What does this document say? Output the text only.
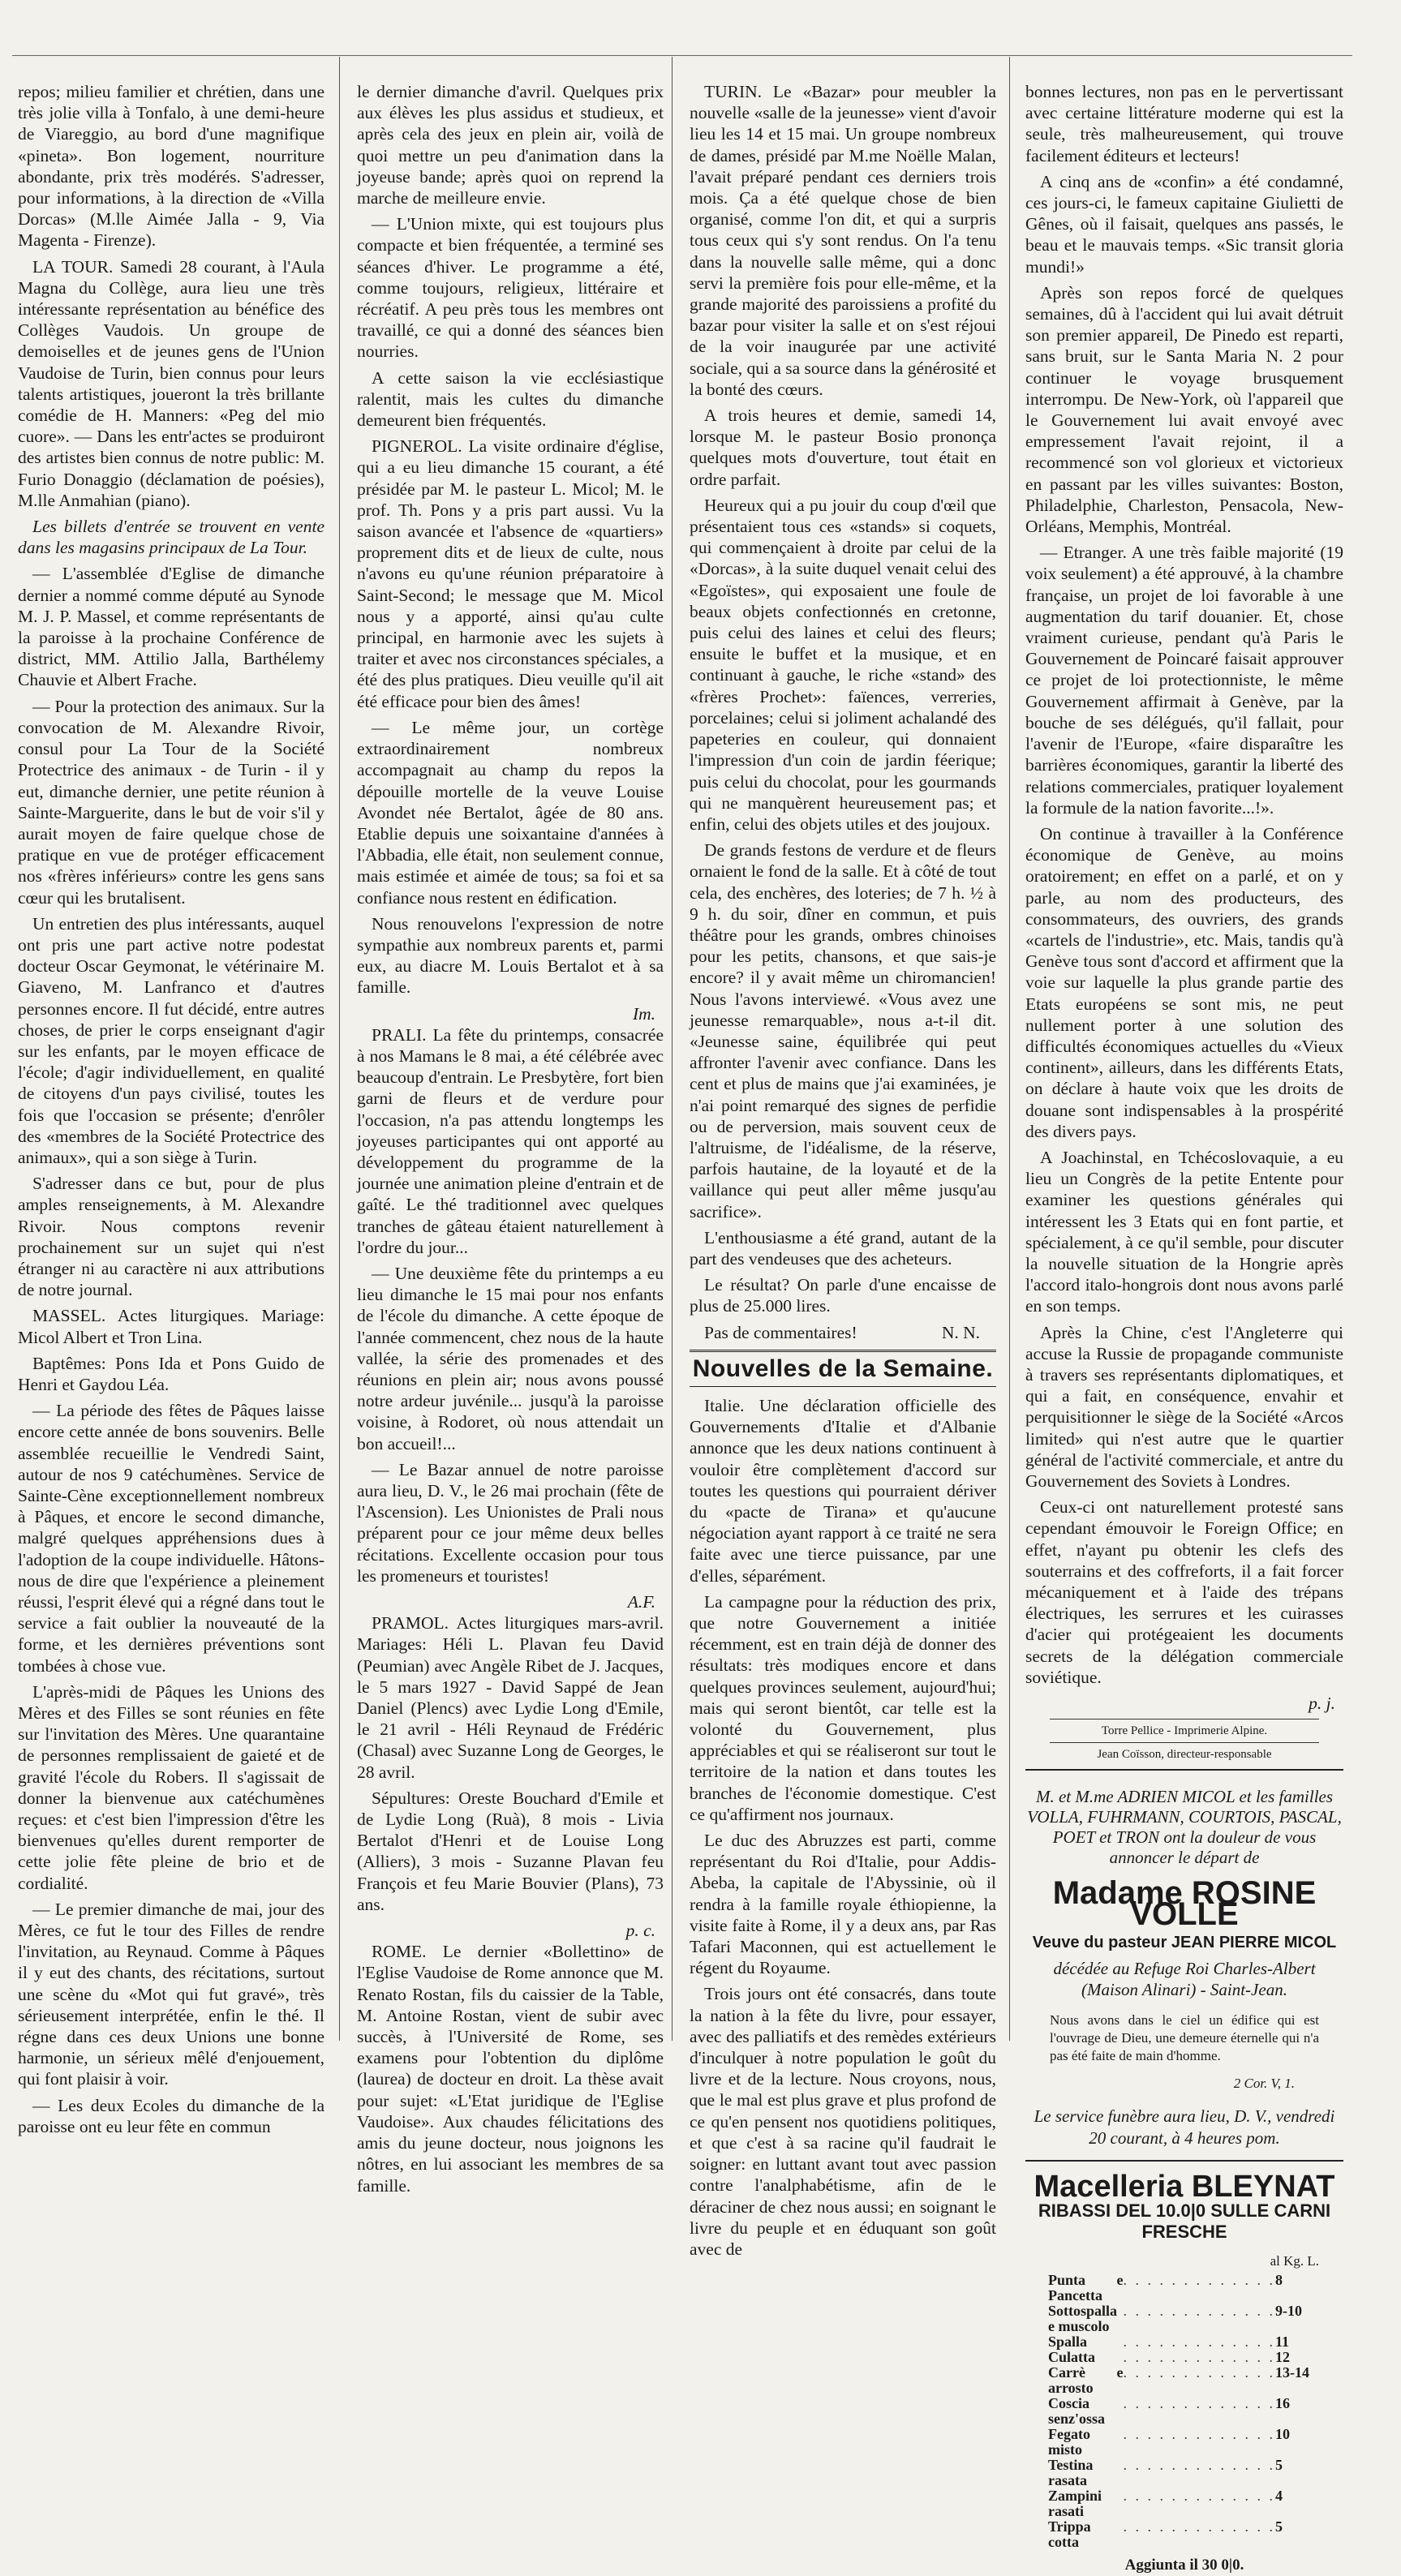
repos; milieu familier et chrétien, dans une très jolie villa à Tonfalo, à une demi-heure de Viareggio, au bord d'une magnifique «pineta». Bon logement, nourriture abondante, prix très modérés. S'adresser, pour informations, à la direction de «Villa Dorcas» (M.lle Aimée Jalla - 9, Via Magenta - Firenze).

LA TOUR. Samedi 28 courant, à l'Aula Magna du Collège, aura lieu une très intéressante représentation au bénéfice des Collèges Vaudois. Un groupe de demoiselles et de jeunes gens de l'Union Vaudoise de Turin, bien connus pour leurs talents artistiques, joueront la très brillante comédie de H. Manners: «Peg del mio cuore». — Dans les entr'actes se produiront des artistes bien connus de notre public: M. Furio Donaggio (déclamation de poésies), M.lle Anmahian (piano).

Les billets d'entrée se trouvent en vente dans les magasins principaux de La Tour.

— L'assemblée d'Eglise de dimanche dernier a nommé comme député au Synode M. J. P. Massel, et comme représentants de la paroisse à la prochaine Conférence de district, MM. Attilio Jalla, Barthélemy Chauvie et Albert Frache.

— Pour la protection des animaux. Sur la convocation de M. Alexandre Rivoir, consul pour La Tour de la Société Protectrice des animaux - de Turin - il y eut, dimanche dernier, une petite réunion à Sainte-Marguerite, dans le but de voir s'il y aurait moyen de faire quelque chose de pratique en vue de protéger efficacement nos «frères inférieurs» contre les gens sans cœur qui les brutalisent.

Un entretien des plus intéressants, auquel ont pris une part active notre podestat docteur Oscar Geymonat, le vétérinaire M. Giaveno, M. Lanfranco et d'autres personnes encore. Il fut décidé, entre autres choses, de prier le corps enseignant d'agir sur les enfants, par le moyen efficace de l'école; d'agir individuellement, en qualité de citoyens d'un pays civilisé, toutes les fois que l'occasion se présente; d'enrôler des «membres de la Société Protectrice des animaux», qui a son siège à Turin.

S'adresser dans ce but, pour de plus amples renseignements, à M. Alexandre Rivoir. Nous comptons revenir prochainement sur un sujet qui n'est étranger ni au caractère ni aux attributions de notre journal.

MASSEL. Actes liturgiques. Mariage: Micol Albert et Tron Lina.

Baptêmes: Pons Ida et Pons Guido de Henri et Gaydou Léa.

— La période des fêtes de Pâques laisse encore cette année de bons souvenirs. Belle assemblée recueillie le Vendredi Saint, autour de nos 9 catéchumènes. Service de Sainte-Cène exceptionnellement nombreux à Pâques, et encore le second dimanche, malgré quelques appréhensions dues à l'adoption de la coupe individuelle. Hâtons-nous de dire que l'expérience a pleinement réussi, l'esprit élevé qui a régné dans tout le service a fait oublier la nouveauté de la forme, et les dernières préventions sont tombées à chose vue.

L'après-midi de Pâques les Unions des Mères et des Filles se sont réunies en fête sur l'invitation des Mères. Une quarantaine de personnes remplissaient de gaieté et de gravité l'école du Robers. Il s'agissait de donner la bienvenue aux catéchumènes reçues: et c'est bien l'impression d'être les bienvenues qu'elles durent remporter de cette jolie fête pleine de brio et de cordialité.

— Le premier dimanche de mai, jour des Mères, ce fut le tour des Filles de rendre l'invitation, au Reynaud. Comme à Pâques il y eut des chants, des récitations, surtout une scène du «Mot qui fut gravé», très sérieusement interprétée, enfin le thé. Il régne dans ces deux Unions une bonne harmonie, un sérieux mêlé d'enjouement, qui font plaisir à voir.

— Les deux Ecoles du dimanche de la paroisse ont eu leur fête en commun

le dernier dimanche d'avril. Quelques prix aux élèves les plus assidus et studieux, et après cela des jeux en plein air, voilà de quoi mettre un peu d'animation dans la joyeuse bande; après quoi on reprend la marche de meilleure envie.

— L'Union mixte, qui est toujours plus compacte et bien fréquentée, a terminé ses séances d'hiver. Le programme a été, comme toujours, religieux, littéraire et récréatif. A peu près tous les membres ont travaillé, ce qui a donné des séances bien nourries.

A cette saison la vie ecclésiastique ralentit, mais les cultes du dimanche demeurent bien fréquentés.

PIGNEROL. La visite ordinaire d'église, qui a eu lieu dimanche 15 courant, a été présidée par M. le pasteur L. Micol; M. le prof. Th. Pons y a pris part aussi. Vu la saison avancée et l'absence de «quartiers» proprement dits et de lieux de culte, nous n'avons eu qu'une réunion préparatoire à Saint-Second; le message que M. Micol nous y a apporté, ainsi qu'au culte principal, en harmonie avec les sujets à traiter et avec nos circonstances spéciales, a été des plus pratiques. Dieu veuille qu'il ait été efficace pour bien des âmes!

— Le même jour, un cortège extraordinairement nombreux accompagnait au champ du repos la dépouille mortelle de la veuve Louise Avondet née Bertalot, âgée de 80 ans. Etablie depuis une soixantaine d'années à l'Abbadia, elle était, non seulement connue, mais estimée et aimée de tous; sa foi et sa confiance nous restent en édification.

Nous renouvelons l'expression de notre sympathie aux nombreux parents et, parmi eux, au diacre M. Louis Bertalot et à sa famille.

Im.

PRALI. La fête du printemps, consacrée à nos Mamans le 8 mai, a été célébrée avec beaucoup d'entrain. Le Presbytère, fort bien garni de fleurs et de verdure pour l'occasion, n'a pas attendu longtemps les joyeuses participantes qui ont apporté au développement du programme de la journée une animation pleine d'entrain et de gaîté. Le thé traditionnel avec quelques tranches de gâteau étaient naturellement à l'ordre du jour...

— Une deuxième fête du printemps a eu lieu dimanche le 15 mai pour nos enfants de l'école du dimanche. A cette époque de l'année commencent, chez nous de la haute vallée, la série des promenades et des réunions en plein air; nous avons poussé notre ardeur juvénile... jusqu'à la paroisse voisine, à Rodoret, où nous attendait un bon accueil!...

— Le Bazar annuel de notre paroisse aura lieu, D. V., le 26 mai prochain (fête de l'Ascension). Les Unionistes de Prali nous préparent pour ce jour même deux belles récitations. Excellente occasion pour tous les promeneurs et touristes!

A.F.

PRAMOL. Actes liturgiques mars-avril. Mariages: Héli L. Plavan feu David (Peumian) avec Angèle Ribet de J. Jacques, le 5 mars 1927 - David Sappé de Jean Daniel (Plencs) avec Lydie Long d'Emile, le 21 avril - Héli Reynaud de Frédéric (Chasal) avec Suzanne Long de Georges, le 28 avril.

Sépultures: Oreste Bouchard d'Emile et de Lydie Long (Ruà), 8 mois - Livia Bertalot d'Henri et de Louise Long (Alliers), 3 mois - Suzanne Plavan feu François et feu Marie Bouvier (Plans), 73 ans.

p. c.

ROME. Le dernier «Bollettino» de l'Eglise Vaudoise de Rome annonce que M. Renato Rostan, fils du caissier de la Table, M. Antoine Rostan, vient de subir avec succès, à l'Université de Rome, ses examens pour l'obtention du diplôme (laurea) de docteur en droit. La thèse avait pour sujet: «L'Etat juridique de l'Eglise Vaudoise». Aux chaudes félicitations des amis du jeune docteur, nous joignons les nôtres, en lui associant les membres de sa famille.

TURIN. Le «Bazar» pour meubler la nouvelle «salle de la jeunesse» vient d'avoir lieu les 14 et 15 mai. Un groupe nombreux de dames, présidé par M.me Noëlle Malan, l'avait préparé pendant ces derniers trois mois. Ça a été quelque chose de bien organisé, comme l'on dit, et qui a surpris tous ceux qui s'y sont rendus. On l'a tenu dans la nouvelle salle même, qui a donc servi la première fois pour elle-même, et la grande majorité des paroissiens a profité du bazar pour visiter la salle et on s'est réjoui de la voir inaugurée par une activité sociale, qui a sa source dans la générosité et la bonté des cœurs.

A trois heures et demie, samedi 14, lorsque M. le pasteur Bosio prononça quelques mots d'ouverture, tout était en ordre parfait.

Heureux qui a pu jouir du coup d'œil que présentaient tous ces «stands» si coquets, qui commençaient à droite par celui de la «Dorcas», à la suite duquel venait celui des «Egoïstes», qui exposaient une foule de beaux objets confectionnés en cretonne, puis celui des laines et celui des fleurs; ensuite le buffet et la musique, et en continuant à gauche, le riche «stand» des «frères Prochet»: faïences, verreries, porcelaines; celui si joliment achalandé des papeteries en couleur, qui donnaient l'impression d'un coin de jardin féerique; puis celui du chocolat, pour les gourmands qui ne manquèrent heureusement pas; et enfin, celui des objets utiles et des joujoux.

De grands festons de verdure et de fleurs ornaient le fond de la salle. Et à côté de tout cela, des enchères, des loteries; de 7 h. ½ à 9 h. du soir, dîner en commun, et puis théâtre pour les grands, ombres chinoises pour les petits, chansons, et que sais-je encore? il y avait même un chiromancien! Nous l'avons interviewé. «Vous avez une jeunesse remarquable», nous a-t-il dit. «Jeunesse saine, équilibrée qui peut affronter l'avenir avec confiance. Dans les cent et plus de mains que j'ai examinées, je n'ai point remarqué des signes de perfidie ou de perversion, mais souvent ceux de l'altruisme, de l'idéalisme, de la réserve, parfois hautaine, de la loyauté et de la vaillance qui peut aller même jusqu'au sacrifice».

L'enthousiasme a été grand, autant de la part des vendeuses que des acheteurs.

Le résultat? On parle d'une encaisse de plus de 25.000 lires.

Pas de commentaires!	N. N.

Nouvelles de la Semaine.

Italie. Une déclaration officielle des Gouvernements d'Italie et d'Albanie annonce que les deux nations continuent à vouloir être complètement d'accord sur toutes les questions qui pourraient dériver du «pacte de Tirana» et qu'aucune négociation ayant rapport à ce traité ne sera faite avec une tierce puissance, par une d'elles, séparément.

La campagne pour la réduction des prix, que notre Gouvernement a initiée récemment, est en train déjà de donner des résultats: très modiques encore et dans quelques provinces seulement, aujourd'hui; mais qui seront bientôt, car telle est la volonté du Gouvernement, plus appréciables et qui se réaliseront sur tout le territoire de la nation et dans toutes les branches de l'économie domestique. C'est ce qu'affirment nos journaux.

Le duc des Abruzzes est parti, comme représentant du Roi d'Italie, pour Addis-Abeba, la capitale de l'Abyssinie, où il rendra à la famille royale éthiopienne, la visite faite à Rome, il y a deux ans, par Ras Tafari Maconnen, qui est actuellement le régent du Royaume.

Trois jours ont été consacrés, dans toute la nation à la fête du livre, pour essayer, avec des palliatifs et des remèdes extérieurs d'inculquer à notre population le goût du livre et de la lecture. Nous croyons, nous, que le mal est plus grave et plus profond de ce qu'en pensent nos quotidiens politiques, et que c'est à sa racine qu'il faudrait le soigner: en luttant avant tout avec passion contre l'analphabétisme, afin de le déraciner de chez nous aussi; en soignant le livre du peuple et en éduquant son goût avec de

bonnes lectures, non pas en le pervertissant avec certaine littérature moderne qui est la seule, très malheureusement, qui trouve facilement éditeurs et lecteurs!

A cinq ans de «confin» a été condamné, ces jours-ci, le fameux capitaine Giulietti de Gênes, où il faisait, quelques ans passés, le beau et le mauvais temps. «Sic transit gloria mundi!»

Après son repos forcé de quelques semaines, dû à l'accident qui lui avait détruit son premier appareil, De Pinedo est reparti, sans bruit, sur le Santa Maria N. 2 pour continuer le voyage brusquement interrompu. De New-York, où l'appareil que le Gouvernement lui avait envoyé avec empressement l'avait rejoint, il a recommencé son vol glorieux et victorieux en passant par les villes suivantes: Boston, Philadelphie, Charleston, Pensacola, New-Orléans, Memphis, Montréal.

— Etranger. A une très faible majorité (19 voix seulement) a été approuvé, à la chambre française, un projet de loi favorable à une augmentation du tarif douanier. Et, chose vraiment curieuse, pendant qu'à Paris le Gouvernement de Poincaré faisait approuver ce projet de loi protectionniste, le même Gouvernement affirmait à Genève, par la bouche de ses délégués, qu'il fallait, pour l'avenir de l'Europe, «faire disparaître les barrières économiques, garantir la liberté des relations commerciales, pratiquer loyalement la formule de la nation favorite...!».

On continue à travailler à la Conférence économique de Genève, au moins oratoirement; en effet on a parlé, et on y parle, au nom des producteurs, des consommateurs, des ouvriers, des grands «cartels de l'industrie», etc. Mais, tandis qu'à Genève tous sont d'accord et affirment que la voie sur laquelle la plus grande partie des Etats européens se sont mis, ne peut nullement porter à une solution des difficultés économiques actuelles du «Vieux continent», ailleurs, dans les différents Etats, on déclare à haute voix que les droits de douane sont indispensables à la prospérité des divers pays.

A Joachinstal, en Tchécoslovaquie, a eu lieu un Congrès de la petite Entente pour examiner les questions générales qui intéressent les 3 Etats qui en font partie, et spécialement, à ce qu'il semble, pour discuter la nouvelle situation de la Hongrie après l'accord italo-hongrois dont nous avons parlé en son temps.

Après la Chine, c'est l'Angleterre qui accuse la Russie de propagande communiste à travers ses représentants diplomatiques, et qui a fait, en conséquence, envahir et perquisitionner le siège de la Société «Arcos limited» qui n'est autre que le quartier général de l'activité commerciale, et antre du Gouvernement des Soviets à Londres.

Ceux-ci ont naturellement protesté sans cependant émouvoir le Foreign Office; en effet, n'ayant pu obtenir les clefs des souterrains et des coffreforts, il a fait forcer mécaniquement et à l'aide des trépans électriques, les serrures et les cuirasses d'acier qui protégeaient les documents secrets de la délégation commerciale soviétique.

p. j.
Torre Pellice - Imprimerie Alpine.
Jean Coïsson, directeur-responsable
M. et M.me ADRIEN MICOL et les familles VOLLA, FUHRMANN, COURTOIS, PASCAL, POET et TRON ont la douleur de vous annoncer le départ de
Madame ROSINE VOLLE
Veuve du pasteur JEAN PIERRE MICOL
décédée au Refuge Roi Charles-Albert (Maison Alinari) - Saint-Jean.
Nous avons dans le ciel un édifice qui est l'ouvrage de Dieu, une demeure éternelle qui n'a pas été faite de main d'homme.
2 Cor. V, 1.
Le service funèbre aura lieu, D. V., vendredi 20 courant, à 4 heures pom.
Macelleria BLEYNAT
RIBASSI DEL 10.0|0 SULLE CARNI FRESCHE
al Kg. L.
Punta e Pancetta
. . . . . . . . . . . . . 8
Sottospalla e muscolo
. . . . . . . . . . . . . 9-10
Spalla	. . . . . . . . . . . . . 11
Culatta	. . . . . . . . . . . . . 12
Carrè e arrosto
. . . . . . . . . . . . . 13-14
Coscia senz'ossa
. . . . . . . . . . . . . 16
Fegato misto
. . . . . . . . . . . . . 10
Testina rasata
. . . . . . . . . . . . . 5
Zampini rasati
. . . . . . . . . . . . . 4
Trippa cotta
. . . . . . . . . . . . . 5
Aggiunta il 30 0|0.
